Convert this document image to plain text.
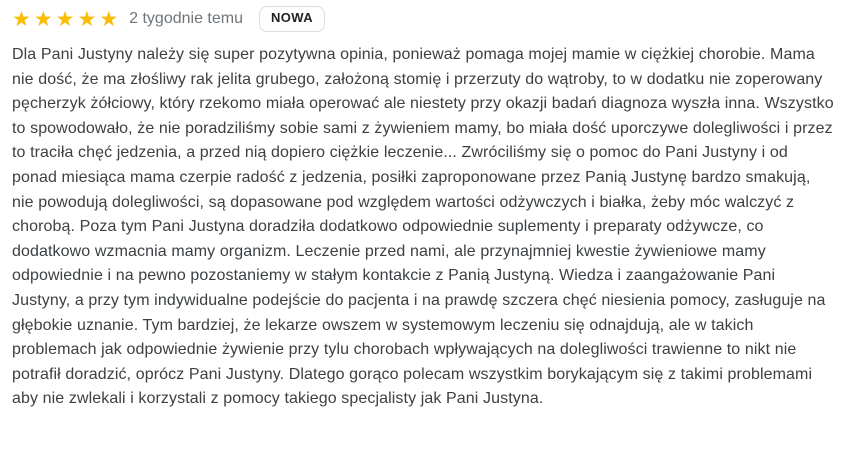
★ ★ ★ ★ ★ 2 tygodnie temu	NOWA
Dla Pani Justyny należy się super pozytywna opinia, ponieważ pomaga mojej mamie w ciężkiej chorobie. Mama nie dość, że ma złośliwy rak jelita grubego, założoną stomię i przerzuty do wątroby, to w dodatku nie zoperowany pęcherzyk żółciowy, który rzekomo miała operować ale niestety przy okazji badań diagnoza wyszła inna. Wszystko to spowodowało, że nie poradziliśmy sobie sami z żywieniem mamy, bo miała dość uporczywe dolegliwości i przez to traciła chęć jedzenia, a przed nią dopiero ciężkie leczenie... Zwróciliśmy się o pomoc do Pani Justyny i od ponad miesiąca mama czerpie radość z jedzenia, posiłki zaproponowane przez Panią Justynę bardzo smakują, nie powodują dolegliwości, są dopasowane pod względem wartości odżywczych i białka, żeby móc walczyć z chorobą. Poza tym Pani Justyna doradziła dodatkowo odpowiednie suplementy i preparaty odżywcze, co dodatkowo wzmacnia mamy organizm. Leczenie przed nami, ale przynajmniej kwestie żywieniowe mamy odpowiednie i na pewno pozostaniemy w stałym kontakcie z Panią Justyną. Wiedza i zaangażowanie Pani Justyny, a przy tym indywidualne podejście do pacjenta i na prawdę szczera chęć niesienia pomocy, zasługuje na głębokie uznanie. Tym bardziej, że lekarze owszem w systemowym leczeniu się odnajdują, ale w takich problemach jak odpowiednie żywienie przy tylu chorobach wpływających na dolegliwości trawienne to nikt nie potrafił doradzić, oprócz Pani Justyny. Dlatego gorąco polecam wszystkim borykającym się z takimi problemami aby nie zwlekali i korzystali z pomocy takiego specjalisty jak Pani Justyna.
